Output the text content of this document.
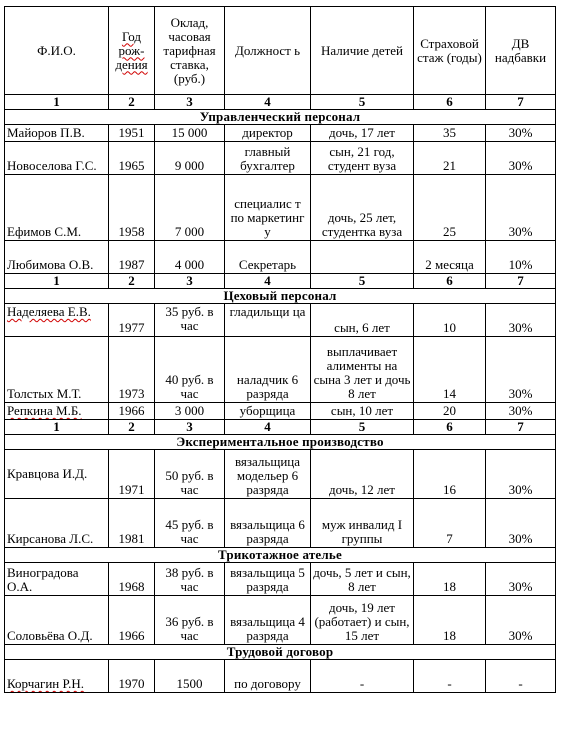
Ф.И.О.	Год рож-дения	Оклад, часовая тарифная ставка, (руб.)	Должност ь	Наличие детей	Страховой стаж (годы)	ДВ надбавки
1	2	3	4	5	6	7
Управленческий персонал						
Майоров П.В.	1951	15 000	директор	дочь, 17 лет	35	30%
Новоселова Г.С.	1965	9 000	главный бухгалтер	сын, 21 год, студент вуза	21	30%
Ефимов С.М.	1958	7 000	специалис т по маркетинг у	дочь, 25 лет, студентка вуза	25	30%
Любимова О.В.	1987	4 000	Секретарь		2 месяца	10%
1	2	3	4	5	6	7
Цеховый персонал						
Наделяева Е.В.	1977	35 руб. в час	гладильщи ца	сын, 6 лет	10	30%
Толстых М.Т.	1973	40 руб. в час	наладчик 6 разряда	выплачивает алименты на сына 3 лет и дочь 8 лет	14	30%
Репкина М.Б.	1966	3 000	уборщица	сын, 10 лет	20	30%
1	2	3	4	5	6	7
Экспериментальное производство						
Кравцова И.Д.	1971	50 руб. в час	вязальщица модельер 6 разряда	дочь, 12 лет	16	30%
Кирсанова Л.С.	1981	45 руб. в час	вязальщица 6 разряда	муж инвалид I группы	7	30%
Трикотажное ателье						
Виноградова О.А.	1968	38 руб. в час	вязальщица 5 разряда	дочь, 5 лет и сын, 8 лет	18	30%
Соловьёва О.Д.	1966	36 руб. в час	вязальщица 4 разряда	дочь, 19 лет (работает) и сын, 15 лет	18	30%
Трудовой договор						
Корчагин Р.Н.	1970	1500	по договору	-	-	-
